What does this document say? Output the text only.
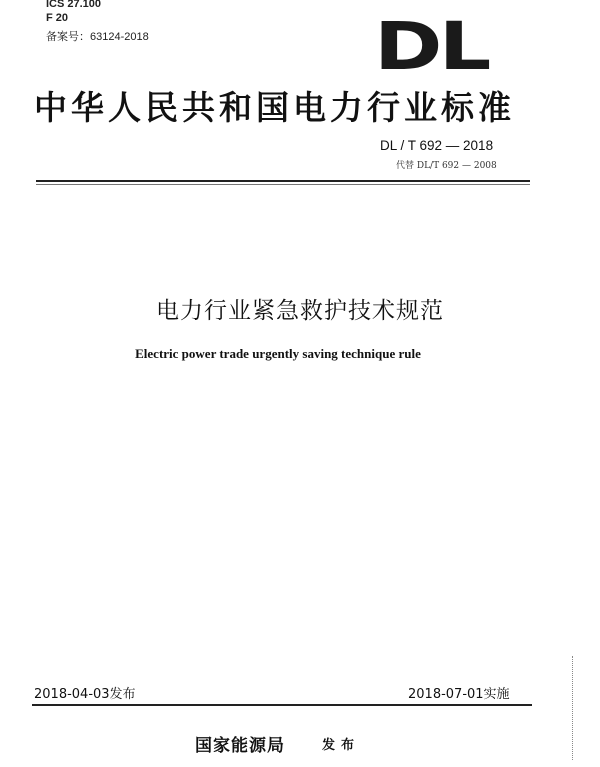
ICS 27.100
F 20
备案号：63124-2018	DL
中华人民共和国电力行业标准
DL / T 692 — 2018
代替 DL/T 692 — 2008
电力行业紧急救护技术规范
Electric power trade urgently saving technique rule
2018-04-03发布	2018-07-01实施
国家能源局	发布
